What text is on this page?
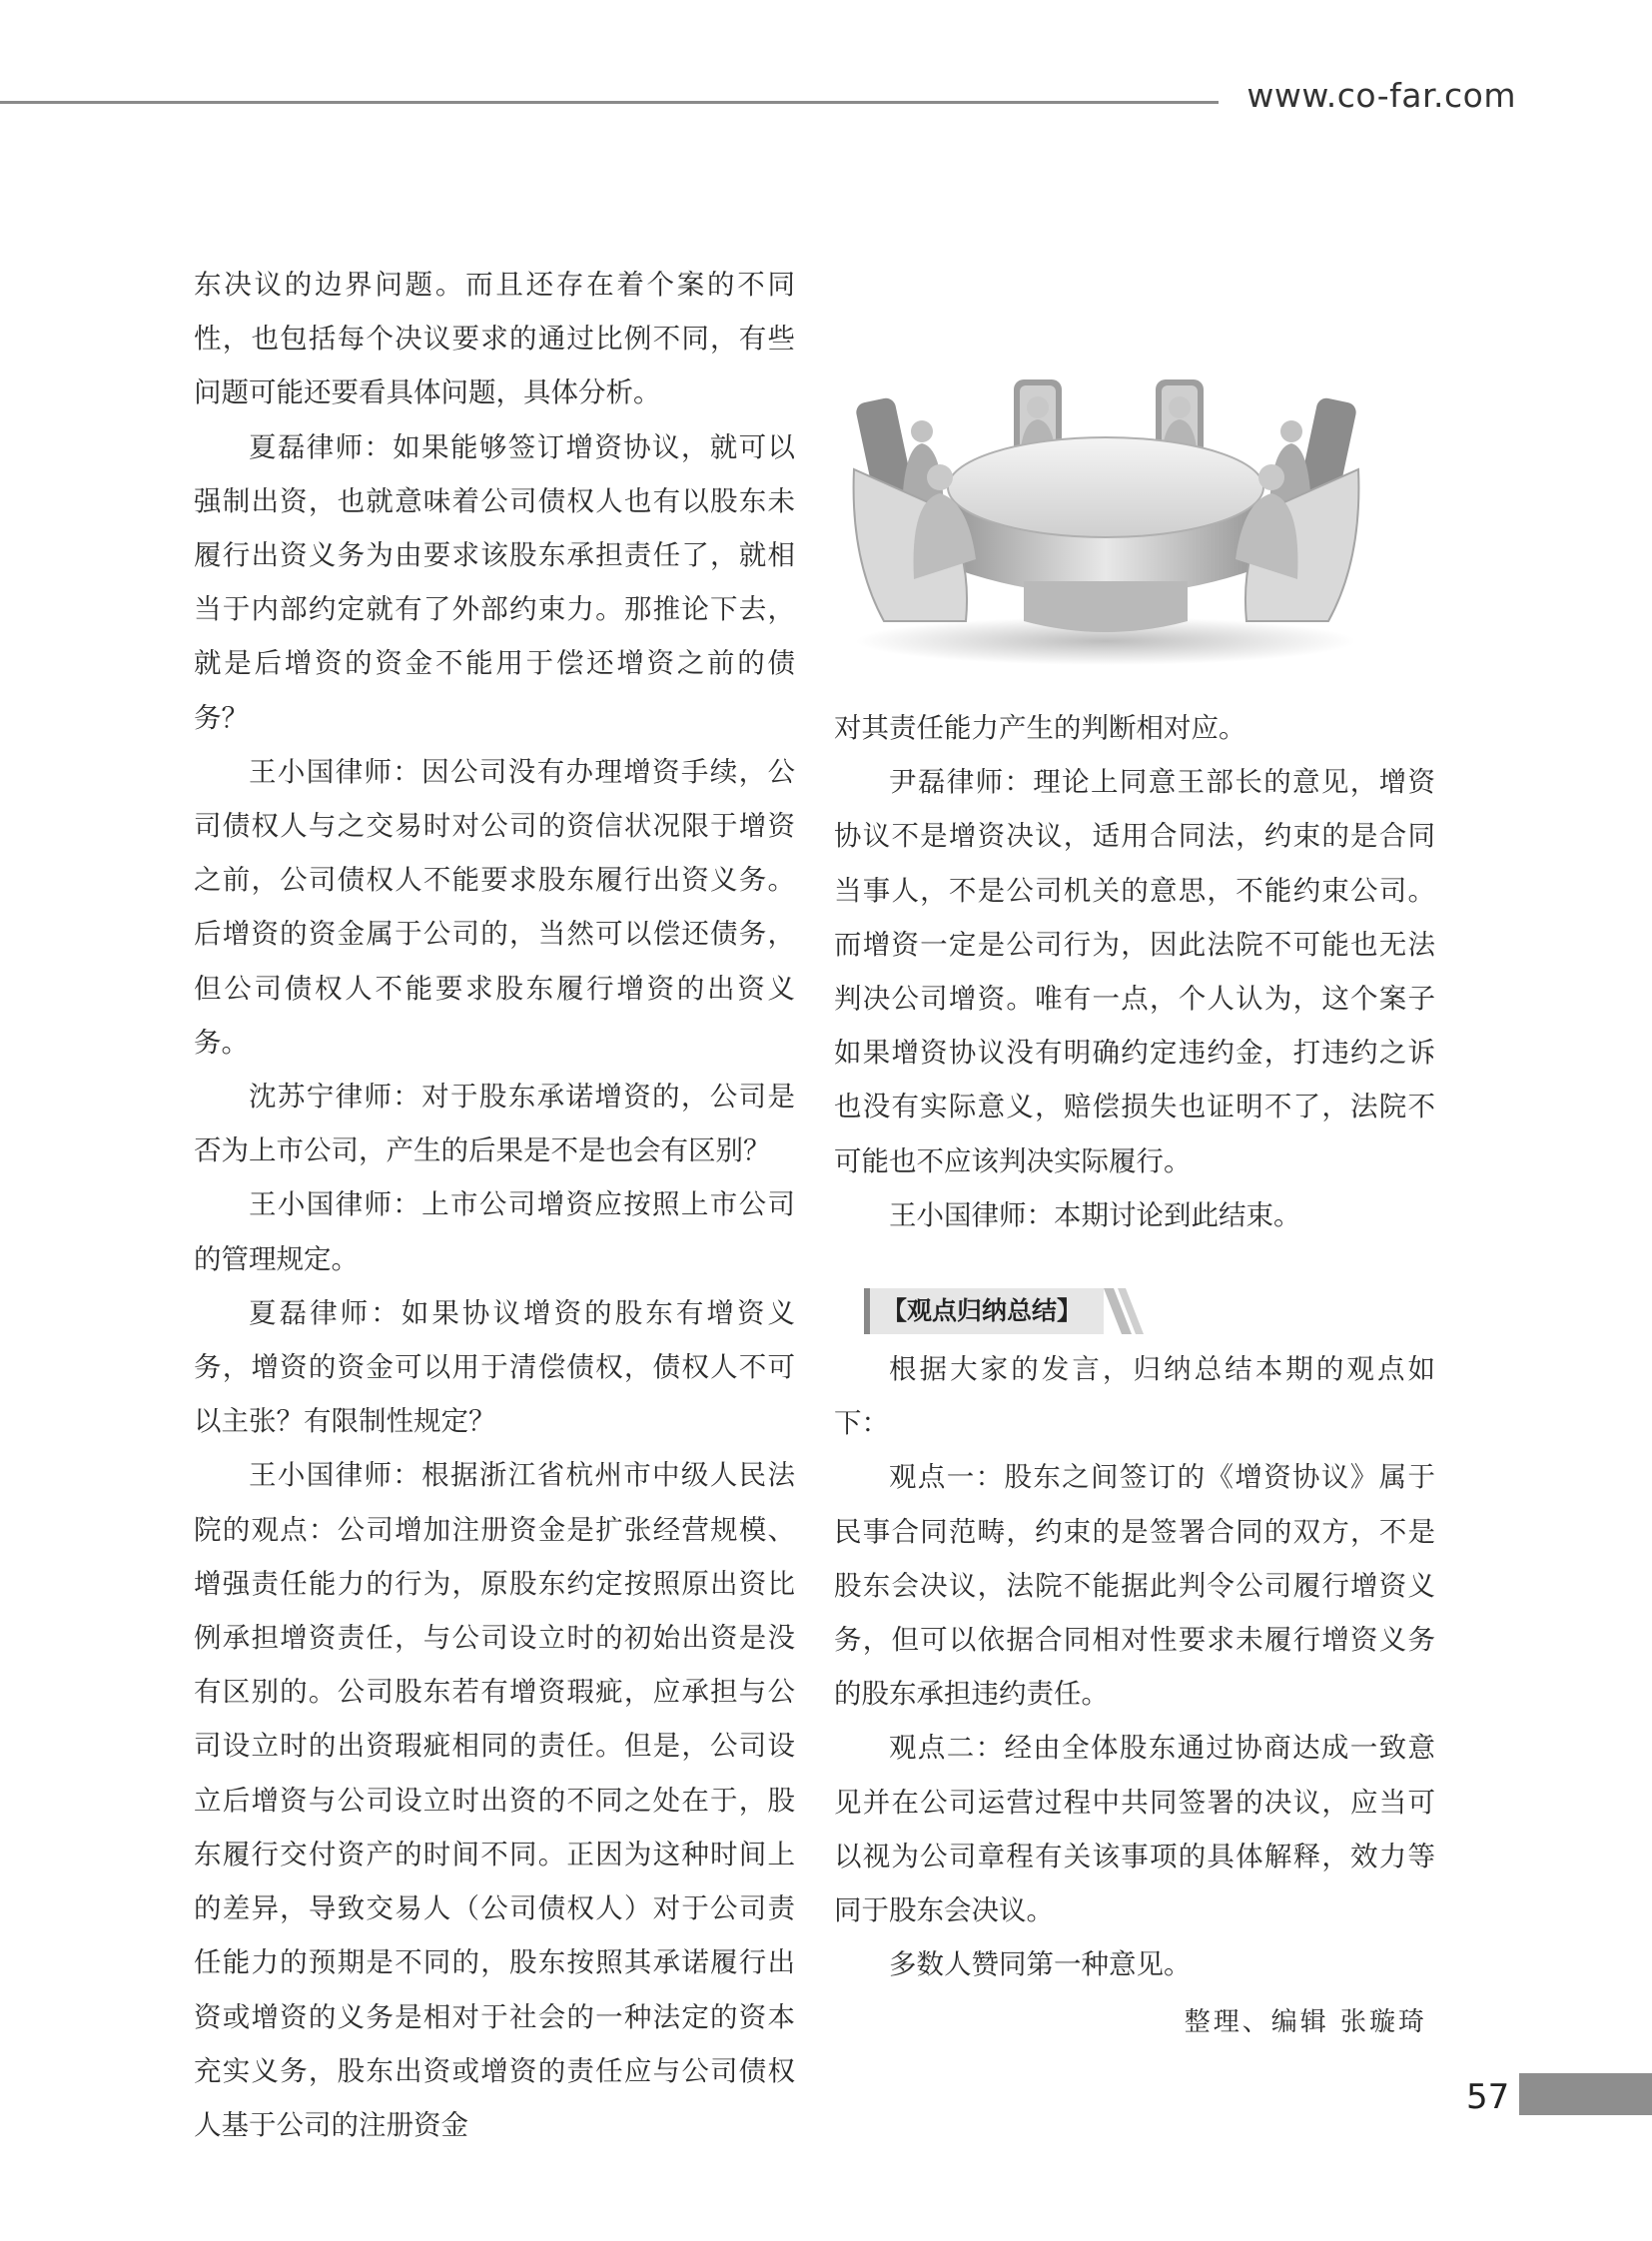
www.co-far.com

东决议的边界问题。而且还存在着个案的不同性，也包括每个决议要求的通过比例不同，有些问题可能还要看具体问题，具体分析。

夏磊律师：如果能够签订增资协议，就可以强制出资，也就意味着公司债权人也有以股东未履行出资义务为由要求该股东承担责任了，就相当于内部约定就有了外部约束力。那推论下去，就是后增资的资金不能用于偿还增资之前的债务？

王小国律师：因公司没有办理增资手续，公司债权人与之交易时对公司的资信状况限于增资之前，公司债权人不能要求股东履行出资义务。后增资的资金属于公司的，当然可以偿还债务，但公司债权人不能要求股东履行增资的出资义务。

沈苏宁律师：对于股东承诺增资的，公司是否为上市公司，产生的后果是不是也会有区别？

王小国律师：上市公司增资应按照上市公司的管理规定。

夏磊律师：如果协议增资的股东有增资义务，增资的资金可以用于清偿债权，债权人不可以主张？有限制性规定？

王小国律师：根据浙江省杭州市中级人民法院的观点：公司增加注册资金是扩张经营规模、增强责任能力的行为，原股东约定按照原出资比例承担增资责任，与公司设立时的初始出资是没有区别的。公司股东若有增资瑕疵，应承担与公司设立时的出资瑕疵相同的责任。但是，公司设立后增资与公司设立时出资的不同之处在于，股东履行交付资产的时间不同。正因为这种时间上的差异，导致交易人（公司债权人）对于公司责任能力的预期是不同的，股东按照其承诺履行出资或增资的义务是相对于社会的一种法定的资本充实义务，股东出资或增资的责任应与公司债权人基于公司的注册资金

对其责任能力产生的判断相对应。

尹磊律师：理论上同意王部长的意见，增资协议不是增资决议，适用合同法，约束的是合同当事人，不是公司机关的意思，不能约束公司。而增资一定是公司行为，因此法院不可能也无法判决公司增资。唯有一点，个人认为，这个案子如果增资协议没有明确约定违约金，打违约之诉也没有实际意义，赔偿损失也证明不了，法院不可能也不应该判决实际履行。

王小国律师：本期讨论到此结束。

【观点归纳总结】

根据大家的发言，归纳总结本期的观点如下：

观点一：股东之间签订的《增资协议》属于民事合同范畴，约束的是签署合同的双方，不是股东会决议，法院不能据此判令公司履行增资义务，但可以依据合同相对性要求未履行增资义务的股东承担违约责任。

观点二：经由全体股东通过协商达成一致意见并在公司运营过程中共同签署的决议，应当可以视为公司章程有关该事项的具体解释，效力等同于股东会决议。

多数人赞同第一种意见。

整理、编辑 张璇琦
57
